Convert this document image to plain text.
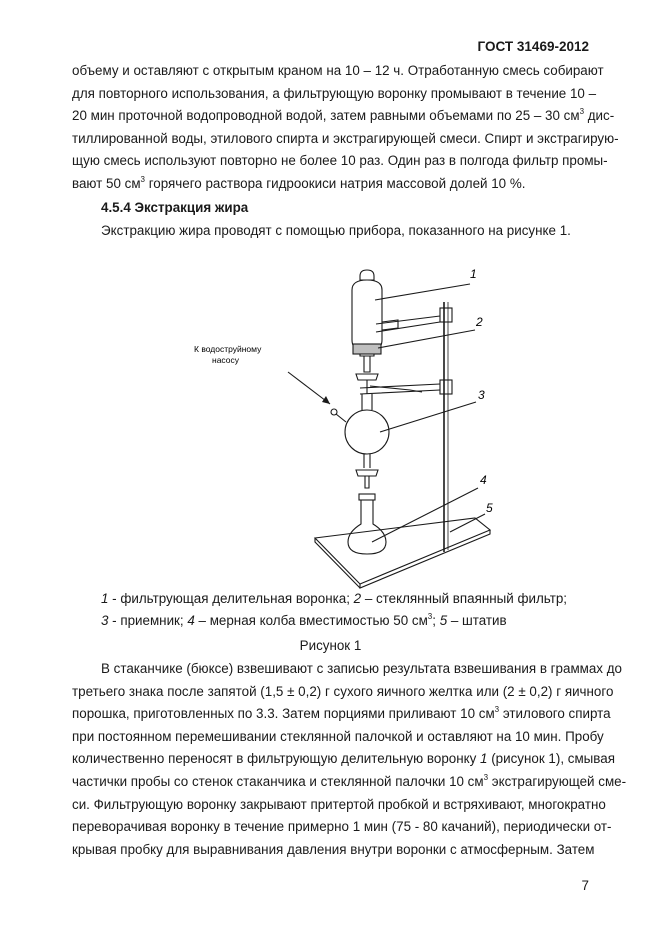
ГОСТ 31469-2012
объему и оставляют с открытым краном на 10 – 12 ч. Отработанную смесь собирают
для повторного использования, а фильтрующую воронку промывают в течение 10 –
20 мин проточной водопроводной водой, затем равными объемами по 25 – 30 $см^3$ дис-
тиллированной воды, этилового спирта и экстрагирующей смеси. Спирт и экстрагирую-
щую смесь используют повторно не более 10 раз. Один раз в полгода фильтр промы-
вают 50 $см^3$ горячего раствора гидроокиси натрия массовой долей 10 %.
4.5.4 Экстракция жира
Экстракцию жира проводят с помощью прибора, показанного на рисунке 1.
1
2
3
4
5
К водоструйному
насосу
1 - фильтрующая делительная воронка; 2 – стеклянный впаянный фильтр;
3 - приемник; 4 – мерная колба вместимостью 50 $см^3$; 5 – штатив
Рисунок 1
В стаканчике (бюксе) взвешивают с записью результата взвешивания в граммах до
третьего знака после запятой (1,5 ± 0,2) г сухого яичного желтка или (2 ± 0,2) г яичного
порошка, приготовленных по 3.3. Затем порциями приливают 10 $см^3$ этилового спирта
при постоянном перемешивании стеклянной палочкой и оставляют на 10 мин. Пробу
количественно переносят в фильтрующую делительную воронку 1 (рисунок 1), смывая
частички пробы со стенок стаканчика и стеклянной палочки 10 $см^3$ экстрагирующей сме-
си. Фильтрующую воронку закрывают притертой пробкой и встряхивают, многократно
переворачивая воронку в течение примерно 1 мин (75 - 80 качаний), периодически от-
крывая пробку для выравнивания давления внутри воронки с атмосферным. Затем
7
